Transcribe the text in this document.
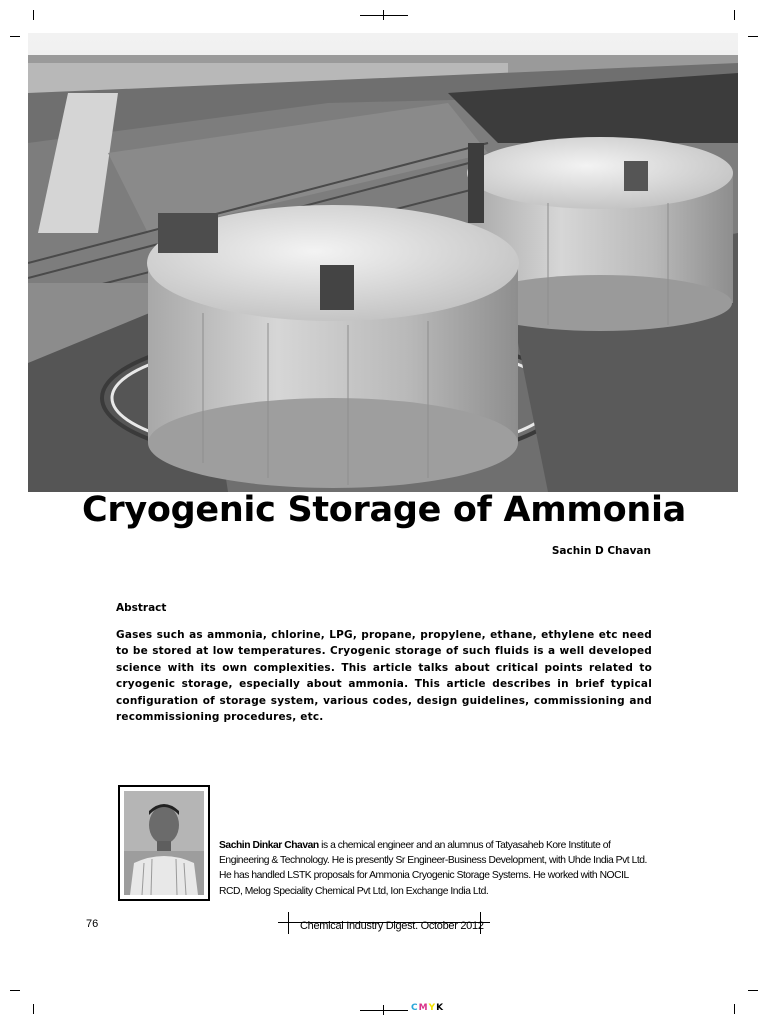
Cryogenic Storage of Ammonia
Sachin D Chavan
Abstract
Gases such as ammonia, chlorine, LPG, propane, propylene, ethane, ethylene etc need to be stored at low temperatures. Cryogenic storage of such fluids is a well developed science with its own complexities. This article talks about critical points related to cryogenic storage, especially about ammonia. This article describes in brief typical configuration of storage system, various codes, design guidelines, commissioning and recommissioning procedures, etc.
Sachin Dinkar Chavan is a chemical engineer and an alumnus of Tatyasaheb Kore Institute of Engineering & Technology. He is presently Sr Engineer-Business Development, with Uhde India Pvt Ltd. He has handled LSTK proposals for Ammonia Cryogenic Storage Systems. He worked with NOCIL RCD, Melog Speciality Chemical Pvt Ltd, Ion Exchange India Ltd.
76	Chemical Industry Digest. October 2012
CMYK
